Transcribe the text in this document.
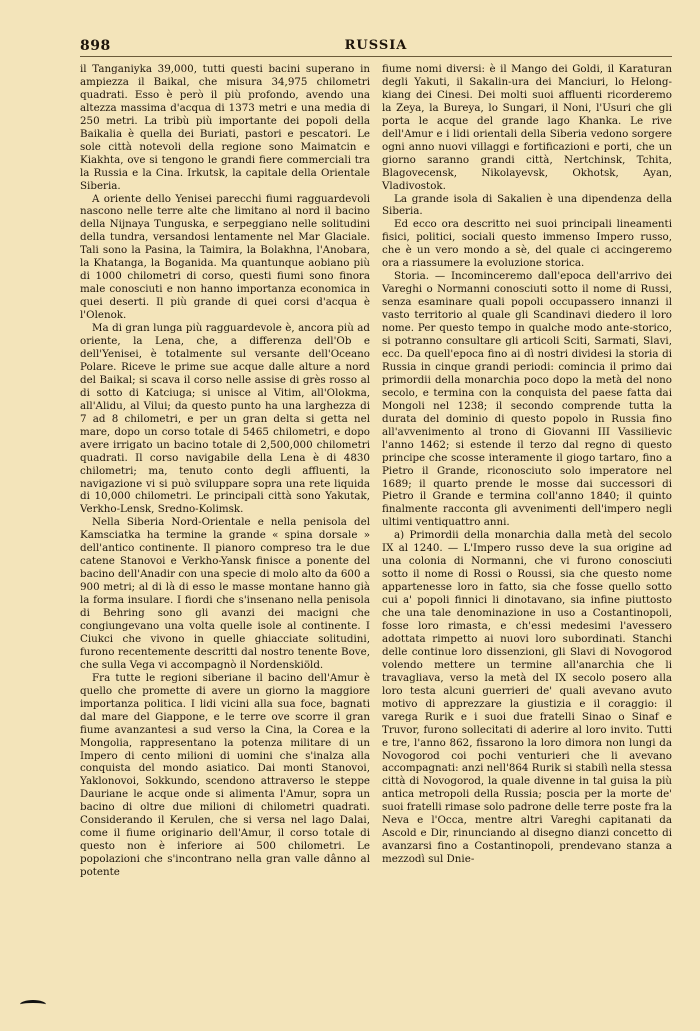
898	RUSSIA

il Tanganiyka 39,000, tutti questi bacini superano in ampiezza il Baikal, che misura 34,975 chilometri quadrati. Esso è però il più profondo, avendo una altezza massima d'acqua di 1373 metri e una media di 250 metri. La tribù più importante dei popoli della Baikalia è quella dei Buriati, pastori e pescatori. Le sole città notevoli della regione sono Maimatcin e Kiakhta, ove si tengono le grandi fiere commerciali tra la Russia e la Cina. Irkutsk, la capitale della Orientale Siberia.

A oriente dello Yenisei parecchi fiumi ragguardevoli nascono nelle terre alte che limitano al nord il bacino della Nijnaya Tunguska, e serpeggiano nelle solitudini della tundra, versandosi lentamente nel Mar Glaciale. Tali sono la Pasina, la Taimira, la Bolakhna, l'Anobara, la Khatanga, la Boganida. Ma quantunque aobiano più di 1000 chilometri di corso, questi fiumi sono finora male conosciuti e non hanno importanza economica in quei deserti. Il più grande di quei corsi d'acqua è l'Olenok.

Ma di gran lunga più ragguardevole è, ancora più ad oriente, la Lena, che, a differenza dell'Ob e dell'Yenisei, è totalmente sul versante dell'Oceano Polare. Riceve le prime sue acque dalle alture a nord del Baikal; si scava il corso nelle assise di grès rosso al di sotto di Katciuga; si unisce al Vitim, all'Olokma, all'Alidu, al Vilui; da questo punto ha una larghezza di 7 ad 8 chilometri, e per un gran delta si getta nel mare, dopo un corso totale di 5465 chilometri, e dopo avere irrigato un bacino totale di 2,500,000 chilometri quadrati. Il corso navigabile della Lena è di 4830 chilometri; ma, tenuto conto degli affluenti, la navigazione vi si può sviluppare sopra una rete liquida di 10,000 chilometri. Le principali città sono Yakutak, Verkho-Lensk, Sredno-Kolimsk.

Nella Siberia Nord-Orientale e nella penisola del Kamsciatka ha termine la grande « spina dorsale » dell'antico continente. Il pianoro compreso tra le due catene Stanovoi e Verkho-Yansk finisce a ponente del bacino dell'Anadir con una specie di molo alto da 600 a 900 metri; al di là di esso le masse montane hanno già la forma insulare. I fiordi che s'insenano nella penisola di Behring sono gli avanzi dei macigni che congiungevano una volta quelle isole al continente. I Ciukci che vivono in quelle ghiacciate solitudini, furono recentemente descritti dal nostro tenente Bove, che sulla Vega vi accompagnò il Nordenskiöld.

Fra tutte le regioni siberiane il bacino dell'Amur è quello che promette di avere un giorno la maggiore importanza politica. I lidi vicini alla sua foce, bagnati dal mare del Giappone, e le terre ove scorre il gran fiume avanzantesi a sud verso la Cina, la Corea e la Mongolia, rappresentano la potenza militare di un Impero di cento milioni di uomini che s'inalza alla conquista del mondo asiatico. Dai monti Stanovoi, Yaklonovoi, Sokkundo, scendono attraverso le steppe Dauriane le acque onde si alimenta l'Amur, sopra un bacino di oltre due milioni di chilometri quadrati. Considerando il Kerulen, che si versa nel lago Dalai, come il fiume originario dell'Amur, il corso totale di questo non è inferiore ai 500 chilometri. Le popolazioni che s'incontrano nella gran valle dânno al potente

fiume nomi diversi: è il Mango dei Goldi, il Karaturan degli Yakuti, il Sakalin-ura dei Manciuri, lo Helong-kiang dei Cinesi. Dei molti suoi affluenti ricorderemo la Zeya, la Bureya, lo Sungari, il Noni, l'Usuri che gli porta le acque del grande lago Khanka. Le rive dell'Amur e i lidi orientali della Siberia vedono sorgere ogni anno nuovi villaggi e fortificazioni e porti, che un giorno saranno grandi città, Nertchinsk, Tchita, Blagovecensk, Nikolayevsk, Okhotsk, Ayan, Vladivostok.

La grande isola di Sakalien è una dipendenza della Siberia.

Ed ecco ora descritto nei suoi principali lineamenti fisici, politici, sociali questo immenso Impero russo, che è un vero mondo a sè, del quale ci accingeremo ora a riassumere la evoluzione storica.

Storia. — Incominceremo dall'epoca dell'arrivo dei Vareghi o Normanni conosciuti sotto il nome di Russi, senza esaminare quali popoli occupassero innanzi il vasto territorio al quale gli Scandinavi diedero il loro nome. Per questo tempo in qualche modo ante-storico, si potranno consultare gli articoli Sciti, Sarmati, Slavi, ecc. Da quell'epoca fino ai dì nostri dividesi la storia di Russia in cinque grandi periodi: comincia il primo dai primordii della monarchia poco dopo la metà del nono secolo, e termina con la conquista del paese fatta dai Mongoli nel 1238; il secondo comprende tutta la durata del dominio di questo popolo in Russia fino all'avvenimento al trono di Giovanni III Vassilievic l'anno 1462; si estende il terzo dal regno di questo principe che scosse interamente il giogo tartaro, fino a Pietro il Grande, riconosciuto solo imperatore nel 1689; il quarto prende le mosse dai successori di Pietro il Grande e termina coll'anno 1840; il quinto finalmente racconta gli avvenimenti dell'impero negli ultimi ventiquattro anni.

a) Primordii della monarchia dalla metà del secolo IX al 1240. — L'Impero russo deve la sua origine ad una colonia di Normanni, che vi furono conosciuti sotto il nome di Rossi o Roussi, sia che questo nome appartenesse loro in fatto, sia che fosse quello sotto cui a' popoli finnici li dinotavano, sia infine piuttosto che una tale denominazione in uso a Costantinopoli, fosse loro rimasta, e ch'essi medesimi l'avessero adottata rimpetto ai nuovi loro subordinati. Stanchi delle continue loro dissenzioni, gli Slavi di Novogorod volendo mettere un termine all'anarchia che li travagliava, verso la metà del IX secolo posero alla loro testa alcuni guerrieri de' quali avevano avuto motivo di apprezzare la giustizia e il coraggio: il varega Rurik e i suoi due fratelli Sinao o Sinaf e Truvor, furono sollecitati di aderire al loro invito. Tutti e tre, l'anno 862, fissarono la loro dimora non lungi da Novogorod coi pochi venturieri che li avevano accompagnati: anzi nell'864 Rurik si stabilì nella stessa città di Novogorod, la quale divenne in tal guisa la più antica metropoli della Russia; poscia per la morte de' suoi fratelli rimase solo padrone delle terre poste fra la Neva e l'Occa, mentre altri Vareghi capitanati da Ascold e Dir, rinunciando al disegno dianzi concetto di avanzarsi fino a Costantinopoli, prendevano stanza a mezzodì sul Dnie-
